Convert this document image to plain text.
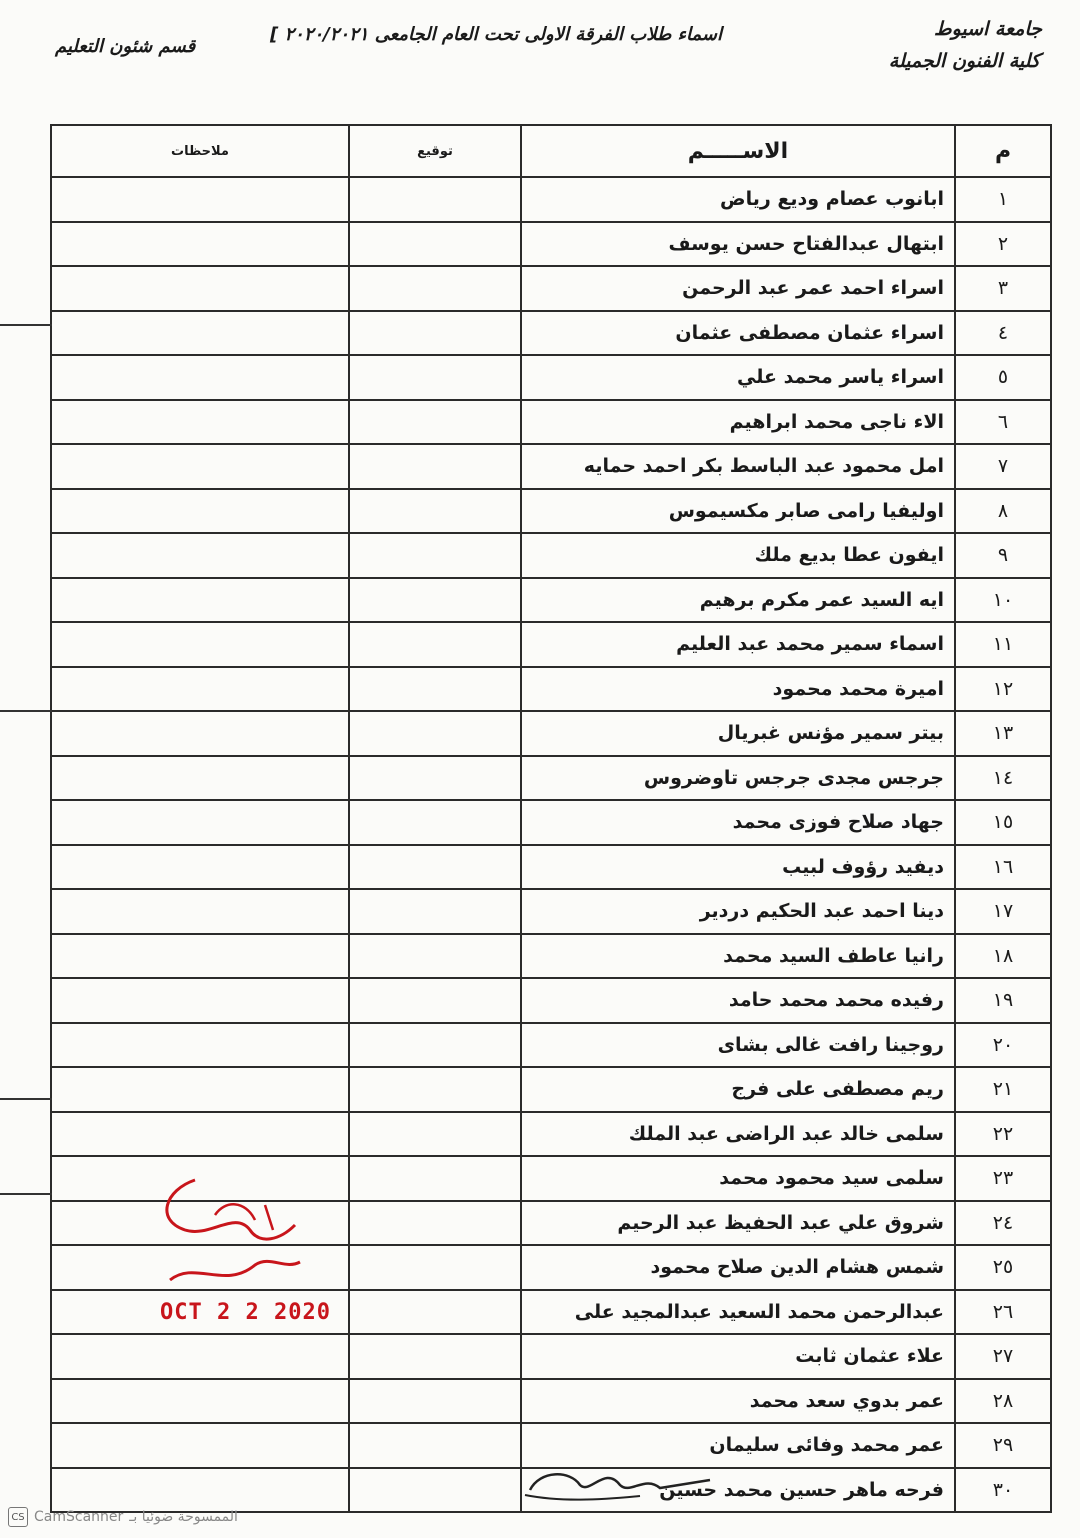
جامعة اسيوط
كلية الفنون الجميلة
اسماء طلاب الفرقة الاولى تحت العام الجامعى ٢٠٢٠/٢٠٢١ ]
قسم شئون التعليم
م	الاســـــم	توقيع	ملاحظات
١	ابانوب عصام وديع رياض		
٢	ابتهال عبدالفتاح حسن يوسف		
٣	اسراء احمد عمر عبد الرحمن		
٤	اسراء عثمان مصطفى عثمان		
٥	اسراء ياسر محمد علي		
٦	الاء ناجى محمد ابراهيم		
٧	امل محمود عبد الباسط بكر احمد حمايه		
٨	اوليفيا رامى صابر مكسيموس		
٩	ايفون عطا بديع ملك		
١٠	ايه السيد عمر مكرم برهيم		
١١	اسماء سمير محمد عبد العليم		
١٢	اميرة محمد محمود		
١٣	بيتر سمير مؤنس غبريال		
١٤	جرجس مجدى جرجس تاوضروس		
١٥	جهاد صلاح فوزى محمد		
١٦	ديفيد رؤوف لبيب		
١٧	دينا احمد عبد الحكيم دردير		
١٨	رانيا عاطف السيد محمد		
١٩	رفيده محمد محمد حامد		
٢٠	روجينا رافت غالى بشاى		
٢١	ريم مصطفى على فرج		
٢٢	سلمى خالد عبد الراضى عبد الملك		
٢٣	سلمى سيد محمود محمد		
٢٤	شروق علي عبد الحفيظ عبد الرحيم		
٢٥	شمس هشام الدين صلاح محمود		
٢٦	عبدالرحمن محمد السعيد عبدالمجيد على		
٢٧	علاء عثمان ثابت		
٢٨	عمر بدوي سعد محمد		
٢٩	عمر محمد وفائى سليمان		
٣٠	فرحه ماهر حسين محمد حسين		
OCT 2 2 2020
CS CamScanner الممسوحة ضوئيا بـ
